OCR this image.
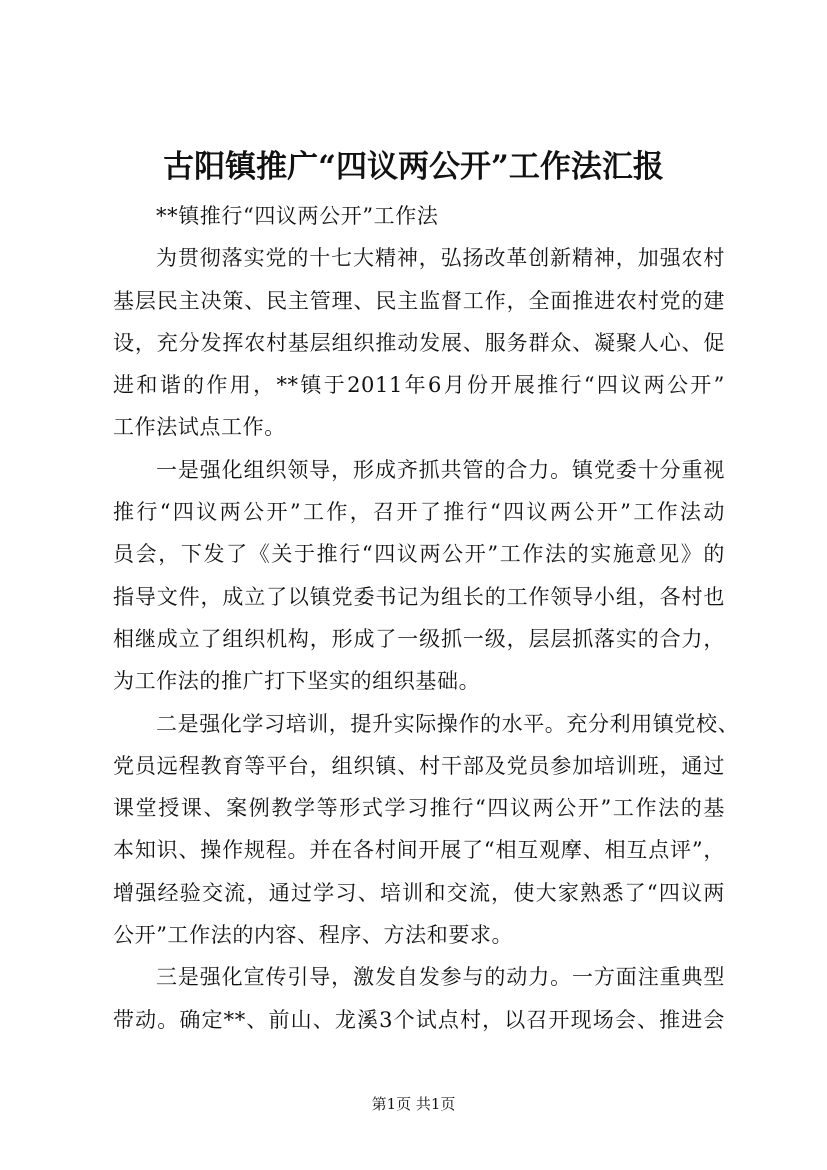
古阳镇推广“四议两公开”工作法汇报
**镇推行“四议两公开”工作法
为贯彻落实党的十七大精神，弘扬改革创新精神，加强农村
基层民主决策、民主管理、民主监督工作，全面推进农村党的建
设，充分发挥农村基层组织推动发展、服务群众、凝聚人心、促
进和谐的作用，**镇于2011年6月份开展推行“四议两公开”
工作法试点工作。
一是强化组织领导，形成齐抓共管的合力。镇党委十分重视
推行“四议两公开”工作，召开了推行“四议两公开”工作法动
员会，下发了《关于推行“四议两公开”工作法的实施意见》的
指导文件，成立了以镇党委书记为组长的工作领导小组，各村也
相继成立了组织机构，形成了一级抓一级，层层抓落实的合力，
为工作法的推广打下坚实的组织基础。
二是强化学习培训，提升实际操作的水平。充分利用镇党校、
党员远程教育等平台，组织镇、村干部及党员参加培训班，通过
课堂授课、案例教学等形式学习推行“四议两公开”工作法的基
本知识、操作规程。并在各村间开展了“相互观摩、相互点评”，
增强经验交流，通过学习、培训和交流，使大家熟悉了“四议两
公开”工作法的内容、程序、方法和要求。
三是强化宣传引导，激发自发参与的动力。一方面注重典型
带动。确定**、前山、龙溪3个试点村，以召开现场会、推进会
第1页 共1页
